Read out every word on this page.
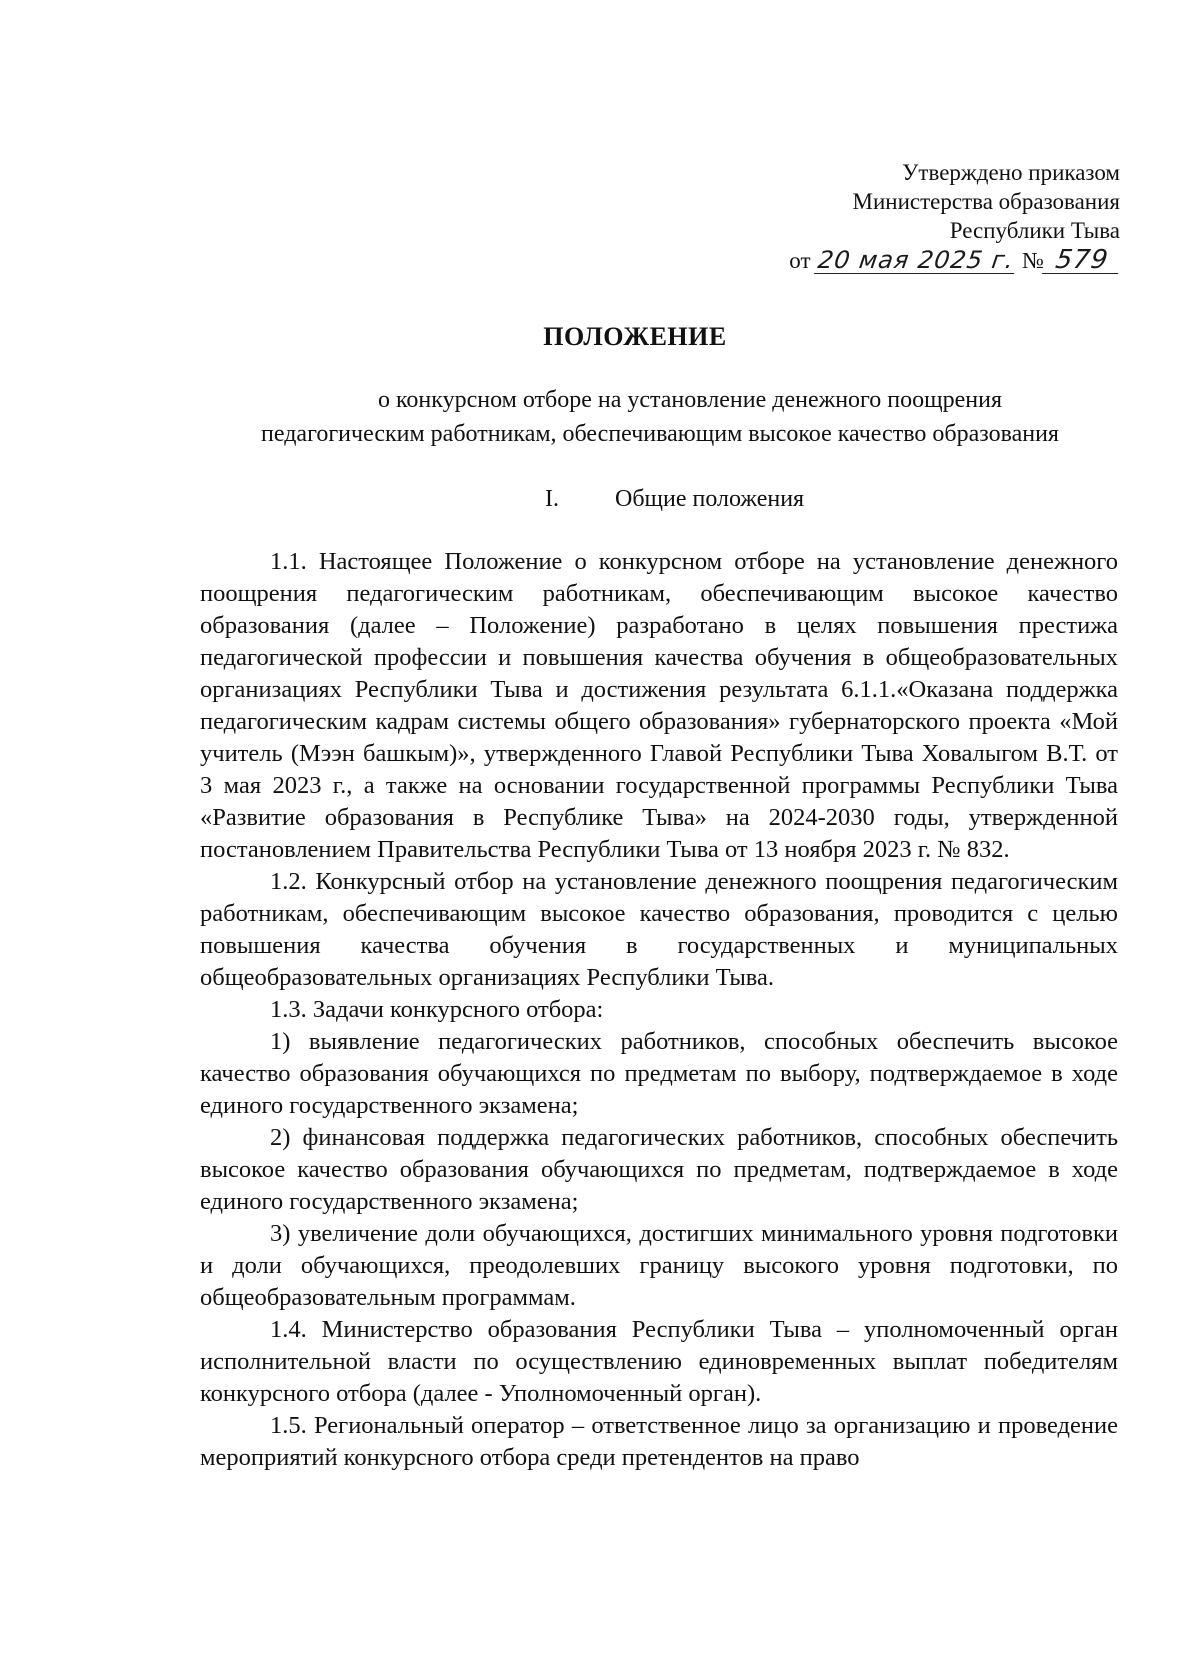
Утверждено приказом
Министерства образования
Республики Тыва
от 20 мая 2025 г. № 579
ПОЛОЖЕНИЕ
о конкурсном отборе на установление денежного поощрения
педагогическим работникам, обеспечивающим высокое качество образования
I. Общие положения

1.1. Настоящее Положение о конкурсном отборе на установление денежного поощрения педагогическим работникам, обеспечивающим высокое качество образования (далее – Положение) разработано в целях повышения престижа педагогической профессии и повышения качества обучения в общеобразовательных организациях Республики Тыва и достижения результата 6.1.1.«Оказана поддержка педагогическим кадрам системы общего образования» губернаторского проекта «Мой учитель (Мээн башкым)», утвержденного Главой Республики Тыва Ховалыгом В.Т. от 3 мая 2023 г., а также на основании государственной программы Республики Тыва «Развитие образования в Республике Тыва» на 2024-2030 годы, утвержденной постановлением Правительства Республики Тыва от 13 ноября 2023 г. № 832.

1.2. Конкурсный отбор на установление денежного поощрения педагогическим работникам, обеспечивающим высокое качество образования, проводится с целью повышения качества обучения в государственных и муниципальных общеобразовательных организациях Республики Тыва.

1.3. Задачи конкурсного отбора:

1) выявление педагогических работников, способных обеспечить высокое качество образования обучающихся по предметам по выбору, подтверждаемое в ходе единого государственного экзамена;

2) финансовая поддержка педагогических работников, способных обеспечить высокое качество образования обучающихся по предметам, подтверждаемое в ходе единого государственного экзамена;

3) увеличение доли обучающихся, достигших минимального уровня подготовки и доли обучающихся, преодолевших границу высокого уровня подготовки, по общеобразовательным программам.

1.4. Министерство образования Республики Тыва – уполномоченный орган исполнительной власти по осуществлению единовременных выплат победителям конкурсного отбора (далее - Уполномоченный орган).

1.5. Региональный оператор – ответственное лицо за организацию и проведение мероприятий конкурсного отбора среди претендентов на право
